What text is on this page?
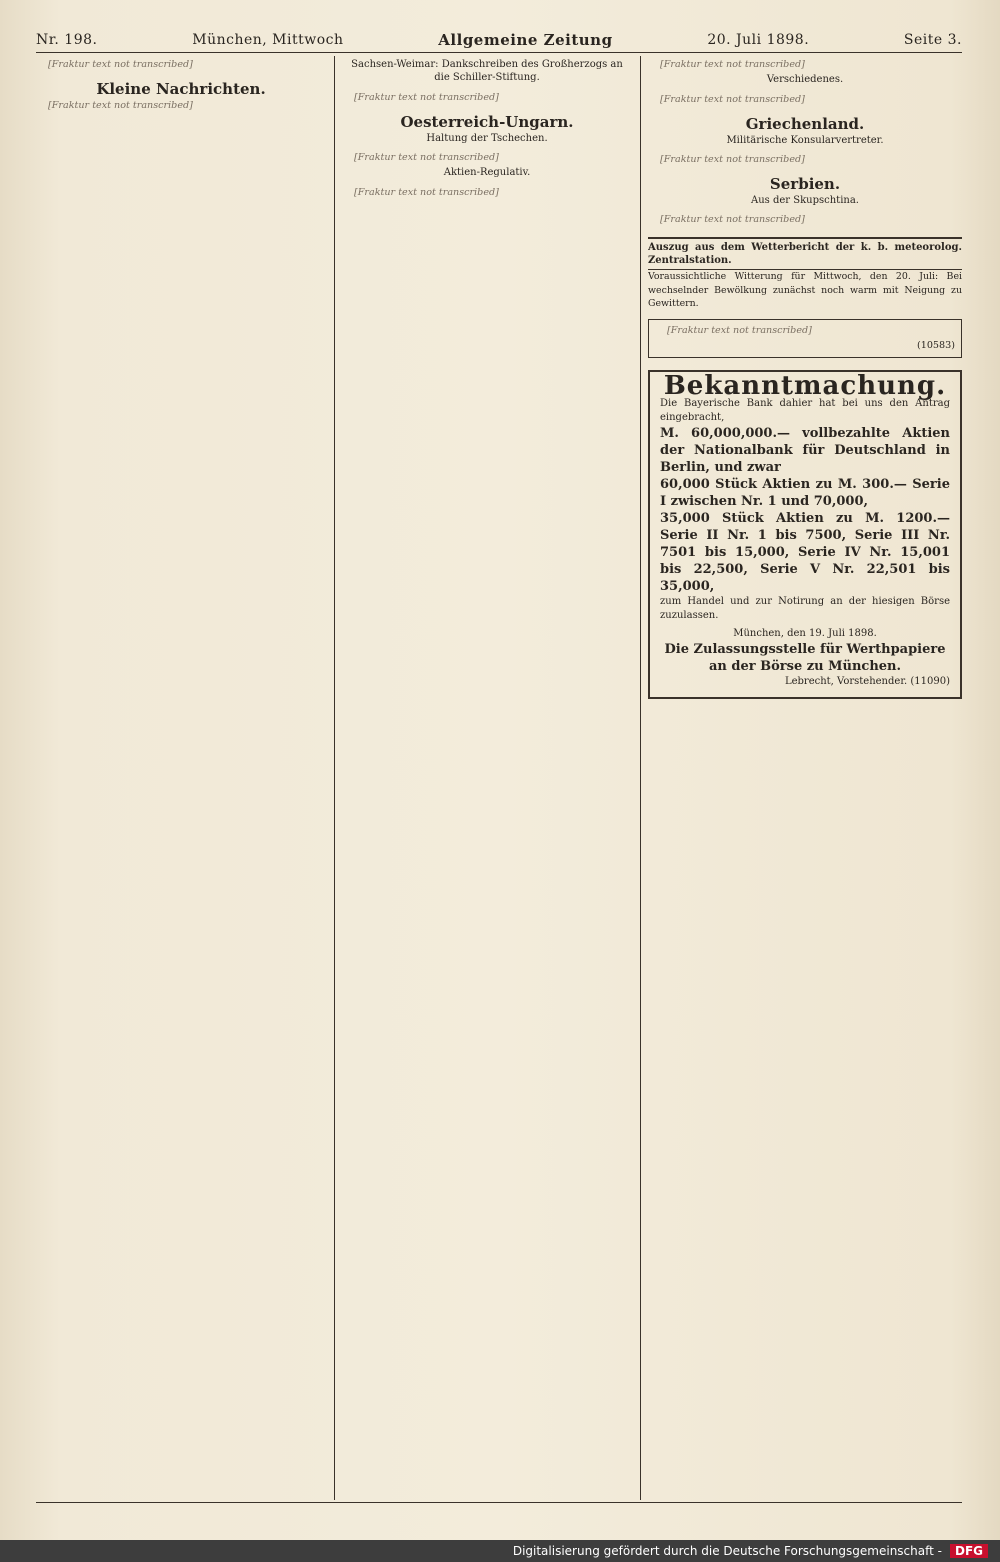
Nr. 198.	München, Mittwoch	Allgemeine Zeitung	20. Juli 1898.	Seite 3.

[Fraktur text not transcribed]

Kleine Nachrichten.

[Fraktur text not transcribed]

Sachsen-Weimar: Dankschreiben des Großherzogs an die Schiller-Stiftung.

[Fraktur text not transcribed]

Oesterreich-Ungarn.
Haltung der Tschechen.

[Fraktur text not transcribed]

Aktien-Regulativ.

[Fraktur text not transcribed]

[Fraktur text not transcribed]

Verschiedenes.

[Fraktur text not transcribed]

Griechenland.
Militärische Konsularvertreter.

[Fraktur text not transcribed]

Serbien.
Aus der Skupschtina.

[Fraktur text not transcribed]

Auszug aus dem Wetterbericht der k. b. meteorolog. Zentralstation.

Voraussichtliche Witterung für Mittwoch, den 20. Juli: Bei wechselnder Bewölkung zunächst noch warm mit Neigung zu Gewittern.

[Fraktur text not transcribed]

(10583)
Bekanntmachung.
Die Bayerische Bank dahier hat bei uns den Antrag eingebracht,
M. 60,000,000.— vollbezahlte Aktien der Nationalbank für Deutschland in Berlin, und zwar
60,000 Stück Aktien zu M. 300.— Serie I zwischen Nr. 1 und 70,000,
35,000 Stück Aktien zu M. 1200.— Serie II Nr. 1 bis 7500, Serie III Nr. 7501 bis 15,000, Serie IV Nr. 15,001 bis 22,500, Serie V Nr. 22,501 bis 35,000,
zum Handel und zur Notirung an der hiesigen Börse zuzulassen.
München, den 19. Juli 1898.
Die Zulassungsstelle für Werthpapiere an der Börse zu München.
Lebrecht, Vorstehender. (11090)
Digitalisierung gefördert durch die Deutsche Forschungsgemeinschaft -	DFG
